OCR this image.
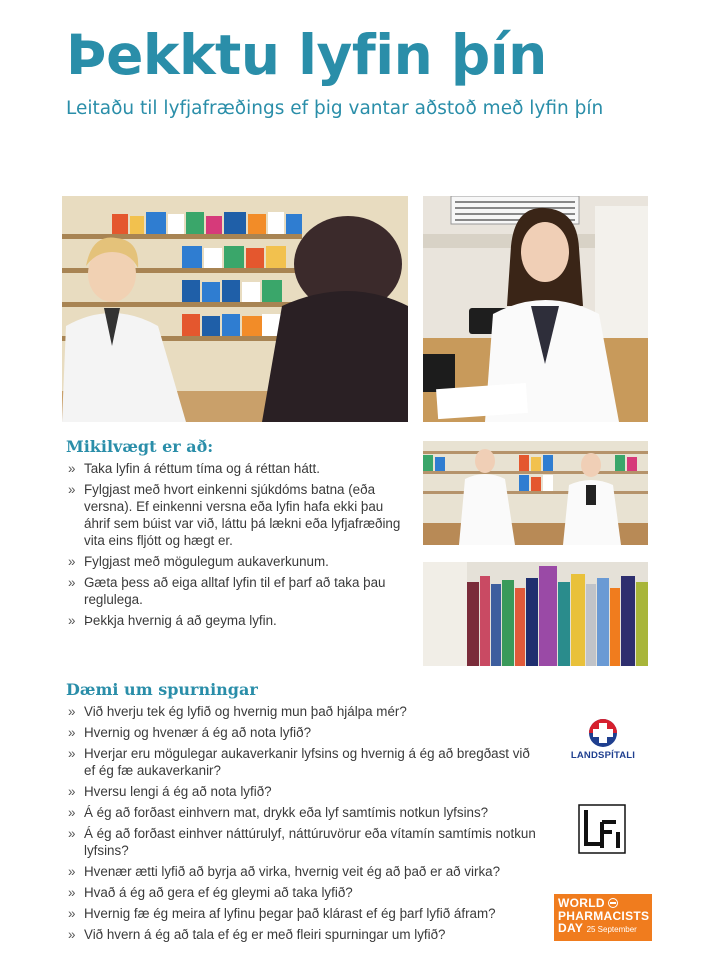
Þekktu lyfin þín

Leitaðu til lyfjafræðings ef þig vantar aðstoð með lyfin þín

Mikilvægt er að:
» Taka lyfin á réttum tíma og á réttan hátt.
» Fylgjast með hvort einkenni sjúkdóms batna (eða versna). Ef einkenni versna eða lyfin hafa ekki þau áhrif sem búist var við, láttu þá lækni eða lyfjafræðing vita eins fljótt og hægt er.
» Fylgjast með mögulegum aukaverkunum.
» Gæta þess að eiga alltaf lyfin til ef þarf að taka þau reglulega.
» Þekkja hvernig á að geyma lyfin.
Dæmi um spurningar
» Við hverju tek ég lyfið og hvernig mun það hjálpa mér?
» Hvernig og hvenær á ég að nota lyfið?
» Hverjar eru mögulegar aukaverkanir lyfsins og hvernig á ég að bregðast við ef ég fæ aukaverkanir?
» Hversu lengi á ég að nota lyfið?
» Á ég að forðast einhvern mat, drykk eða lyf samtímis notkun lyfsins?
» Á ég að forðast einhver náttúrulyf, náttúruvörur eða vítamín samtímis notkun lyfsins?
» Hvenær ætti lyfið að byrja að virka, hvernig veit ég að það er að virka?
» Hvað á ég að gera ef ég gleymi að taka lyfið?
» Hvernig fæ ég meira af lyfinu þegar það klárast ef ég þarf lyfið áfram?
» Við hvern á ég að tala ef ég er með fleiri spurningar um lyfið?
LANDSPÍTALI
WORLD
PHARMACISTS
DAY 25 September
